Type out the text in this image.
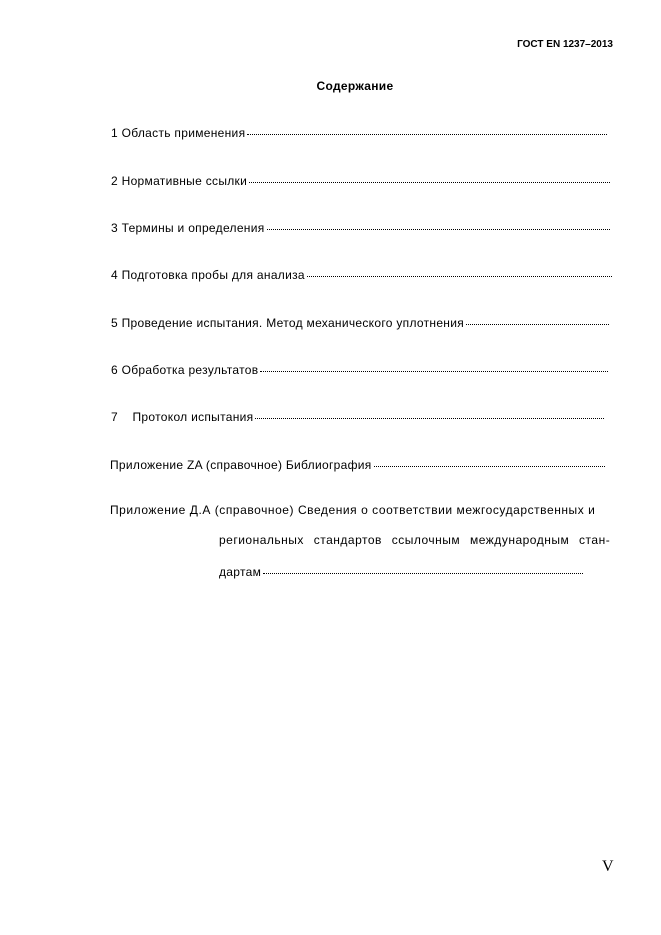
ГОСТ EN 1237–2013
Содержание
1 Область применения
2 Нормативные ссылки
3 Термины и определения
4 Подготовка пробы для анализа
5 Проведение испытания. Метод механического уплотнения
6 Обработка результатов
7    Протокол испытания
Приложение ZA (справочное) Библиография
Приложение Д.А (справочное) Сведения о соответствии межгосударственных и
региональных стандартов ссылочным международным стан-
дартам
V
